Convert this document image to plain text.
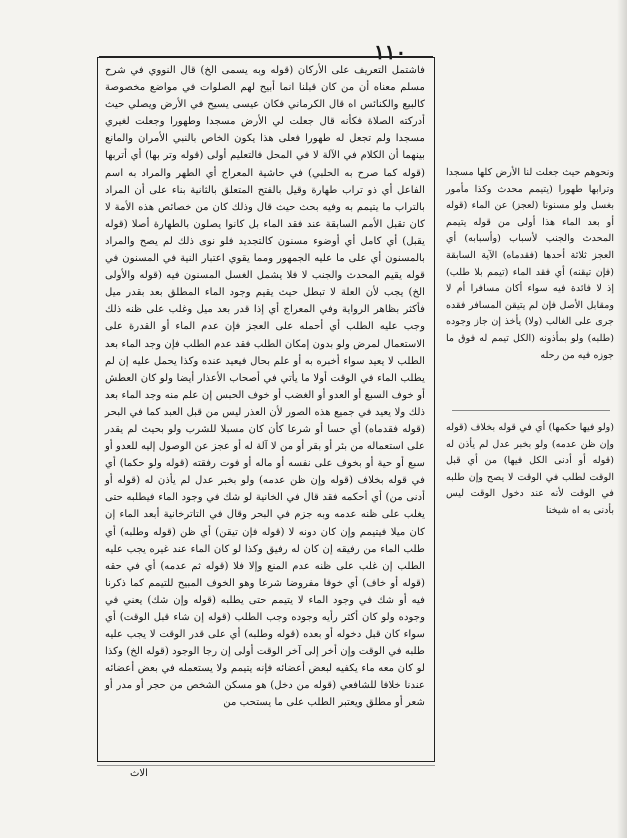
١١٠
فاشتمل التعريف على الأركان (قوله وبه يسمى الخ) قال النووي في شرح مسلم معناه أن من كان قبلنا انما أبيح لهم الصلوات في مواضع مخصوصة كالبيع والكنائس اه قال الكرماني فكان عيسى يسيح في الأرض ويصلي حيث أدركته الصلاة فكأنه قال جعلت لي الأرض مسجدا وطهورا وجعلت لغيري مسجدا ولم تجعل له طهورا فعلى هذا يكون الخاص بالنبي الأمران والمانع بينهما أن الكلام في الآلة لا في المحل فالتعليم أولى (قوله وتر بها) أي أتربها (قوله كما صرح به الحلبي) في حاشية المعراج أي الطهر والمراد به اسم الفاعل أي ذو تراب طهارة وقيل بالفتح المتعلق بالثانية بناء على أن المراد بالتراب ما يتيمم به وفيه بحث حيث قال وذلك كان من خصائص هذه الأمة لا كان تقبل الأمم السابقة عند فقد الماء بل كانوا يصلون بالطهارة أصلا (قوله يقبل) أي كامل أي أوضوء مسنون كالتجديد فلو نوى ذلك لم يصح والمراد بالمسنون أي على ما عليه الجمهور ومما يقوي اعتبار النية في المسنون في قوله يقيم المحدث والجنب لا فلا يشمل الغسل المسنون فيه (قوله والأولى الخ) يجب لأن العلة لا تبطل حيث يقيم وجود الماء المطلق بعد بقدر ميل فأكثر بظاهر الرواية وفي المعراج أي إذا قدر بعد ميل وغلب على ظنه ذلك وجب عليه الطلب أي أحمله على العجز فإن عدم الماء أو القدرة على الاستعمال لمرض ولو بدون إمكان الطلب فقد عدم الطلب فإن وجد الماء بعد الطلب لا يعيد سواء أخبره به أو علم بحال فيعيد عنده وكذا يحمل عليه إن لم يطلب الماء في الوقت أولا ما يأتي في أصحاب الأعذار أيضا ولو كان العطش أو خوف السبع أو العدو أو الغضب أو خوف الحبس إن علم منه وجد الماء بعد ذلك ولا يعيد في جميع هذه الصور لأن العذر ليس من قبل العبد كما في البحر (قوله فقدماه) أي حسا أو شرعا كأن كان مسبلا للشرب ولو بحيث لم يقدر على استعماله من بئر أو بقر أو من لا آلة له أو عجز عن الوصول إليه للعدو أو سبع أو حية أو بخوف على نفسه أو ماله أو فوت رفقته (قوله ولو حكما) أي في قوله بخلاف (قوله وإن ظن عدمه) ولو بخبر عدل لم يأذن له (قوله أو أدنى من) أي أحكمه فقد قال في الخانية لو شك في وجود الماء فيطلبه حتى يغلب على ظنه عدمه وبه جزم في البحر وقال في التاترخانية أبعد الماء إن كان ميلا فيتيمم وإن كان دونه لا (قوله فإن تيقن) أي ظن (قوله وطلبه) أي طلب الماء من رفيقه إن كان له رفيق وكذا لو كان الماء عند غيره يجب عليه الطلب إن غلب على ظنه عدم المنع وإلا فلا (قوله ثم عدمه) أي في حقه (قوله أو خاف) أي خوفا مفروضا شرعا وهو الخوف المبيح للتيمم كما ذكرنا فيه أو شك في وجود الماء لا يتيمم حتى يطلبه (قوله وإن شك) يعني في وجوده ولو كان أكثر رأيه وجوده وجب الطلب (قوله إن شاء قبل الوقت) أي سواء كان قبل دخوله أو بعده (قوله وطلبه) أي على قدر الوقت لا يجب عليه طلبه في الوقت وإن أخر إلى آخر الوقت أولى إن رجا الوجود (قوله الخ) وكذا لو كان معه ماء يكفيه لبعض أعضائه فإنه يتيمم ولا يستعمله في بعض أعضائه عندنا خلافا للشافعي (قوله من دخل) هو مسكن الشخص من حجر أو مدر أو شعر أو مطلق ويعتبر الطلب على ما يستحب من
الاث
ونحوهم حيث جعلت لنا الأرض كلها مسجدا وترابها طهورا (يتيمم محدث وكذا مأمور بغسل ولو مسنونا (لعجز) عن الماء (قوله أو بعد الماء هذا أولى من قوله يتيمم المحدث والجنب لأسباب (وأسبابه) أي العجز ثلاثة أحدها (فقدماه) الآية السابقة (فإن تيقنه) أي فقد الماء (تيمم بلا طلب) إذ لا فائدة فيه سواء أكان مسافرا أم لا ومقابل الأصل فإن لم يتيقن المسافر فقده جرى على الغالب (ولا) يأخذ إن جاز وجوده (طلبه) ولو بمأذونه (الكل تيمم له فوق ما جوزه فيه من رحله
(ولو فيها حكمها) أي في قوله بخلاف (قوله وإن ظن عدمه) ولو بخبر عدل لم يأذن له (قوله أو أدنى الكل فيها) من أي قبل الوقت لطلب في الوقت لا يصح وإن طلبه في الوقت لأنه عند دخول الوقت ليس بأدنى به اه شيخنا
